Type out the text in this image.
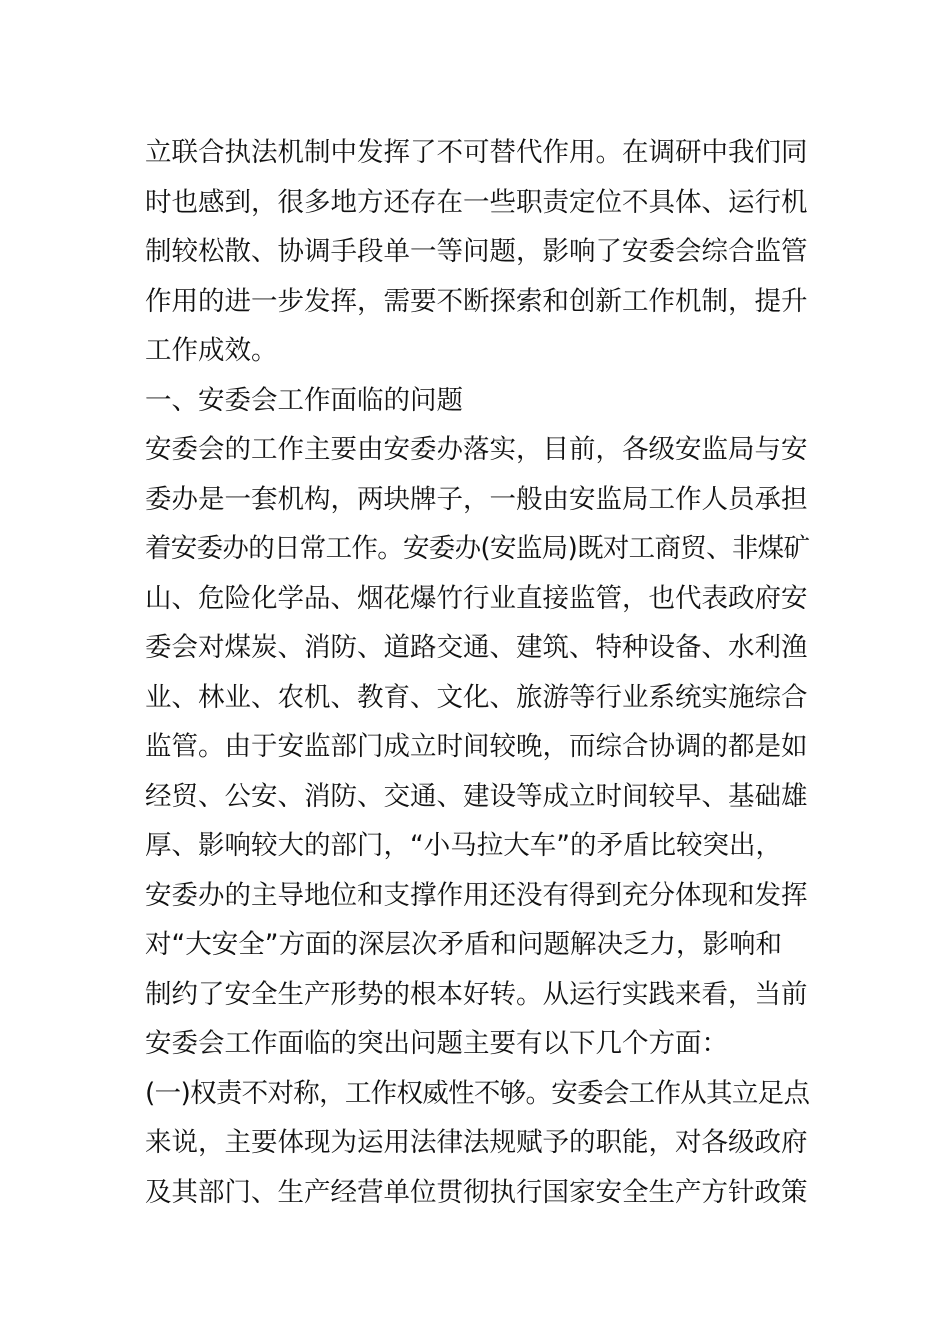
立联合执法机制中发挥了不可替代作用。在调研中我们同
时也感到，很多地方还存在一些职责定位不具体、运行机
制较松散、协调手段单一等问题，影响了安委会综合监管
作用的进一步发挥，需要不断探索和创新工作机制，提升
工作成效。
一、安委会工作面临的问题
安委会的工作主要由安委办落实，目前，各级安监局与安
委办是一套机构，两块牌子，一般由安监局工作人员承担
着安委办的日常工作。安委办(安监局)既对工商贸、非煤矿
山、危险化学品、烟花爆竹行业直接监管，也代表政府安
委会对煤炭、消防、道路交通、建筑、特种设备、水利渔
业、林业、农机、教育、文化、旅游等行业系统实施综合
监管。由于安监部门成立时间较晚，而综合协调的都是如
经贸、公安、消防、交通、建设等成立时间较早、基础雄
厚、影响较大的部门，“小马拉大车”的矛盾比较突出，
安委办的主导地位和支撑作用还没有得到充分体现和发挥
对“大安全”方面的深层次矛盾和问题解决乏力，影响和
制约了安全生产形势的根本好转。从运行实践来看，当前
安委会工作面临的突出问题主要有以下几个方面：
(一)权责不对称，工作权威性不够。安委会工作从其立足点
来说，主要体现为运用法律法规赋予的职能，对各级政府
及其部门、生产经营单位贯彻执行国家安全生产方针政策
